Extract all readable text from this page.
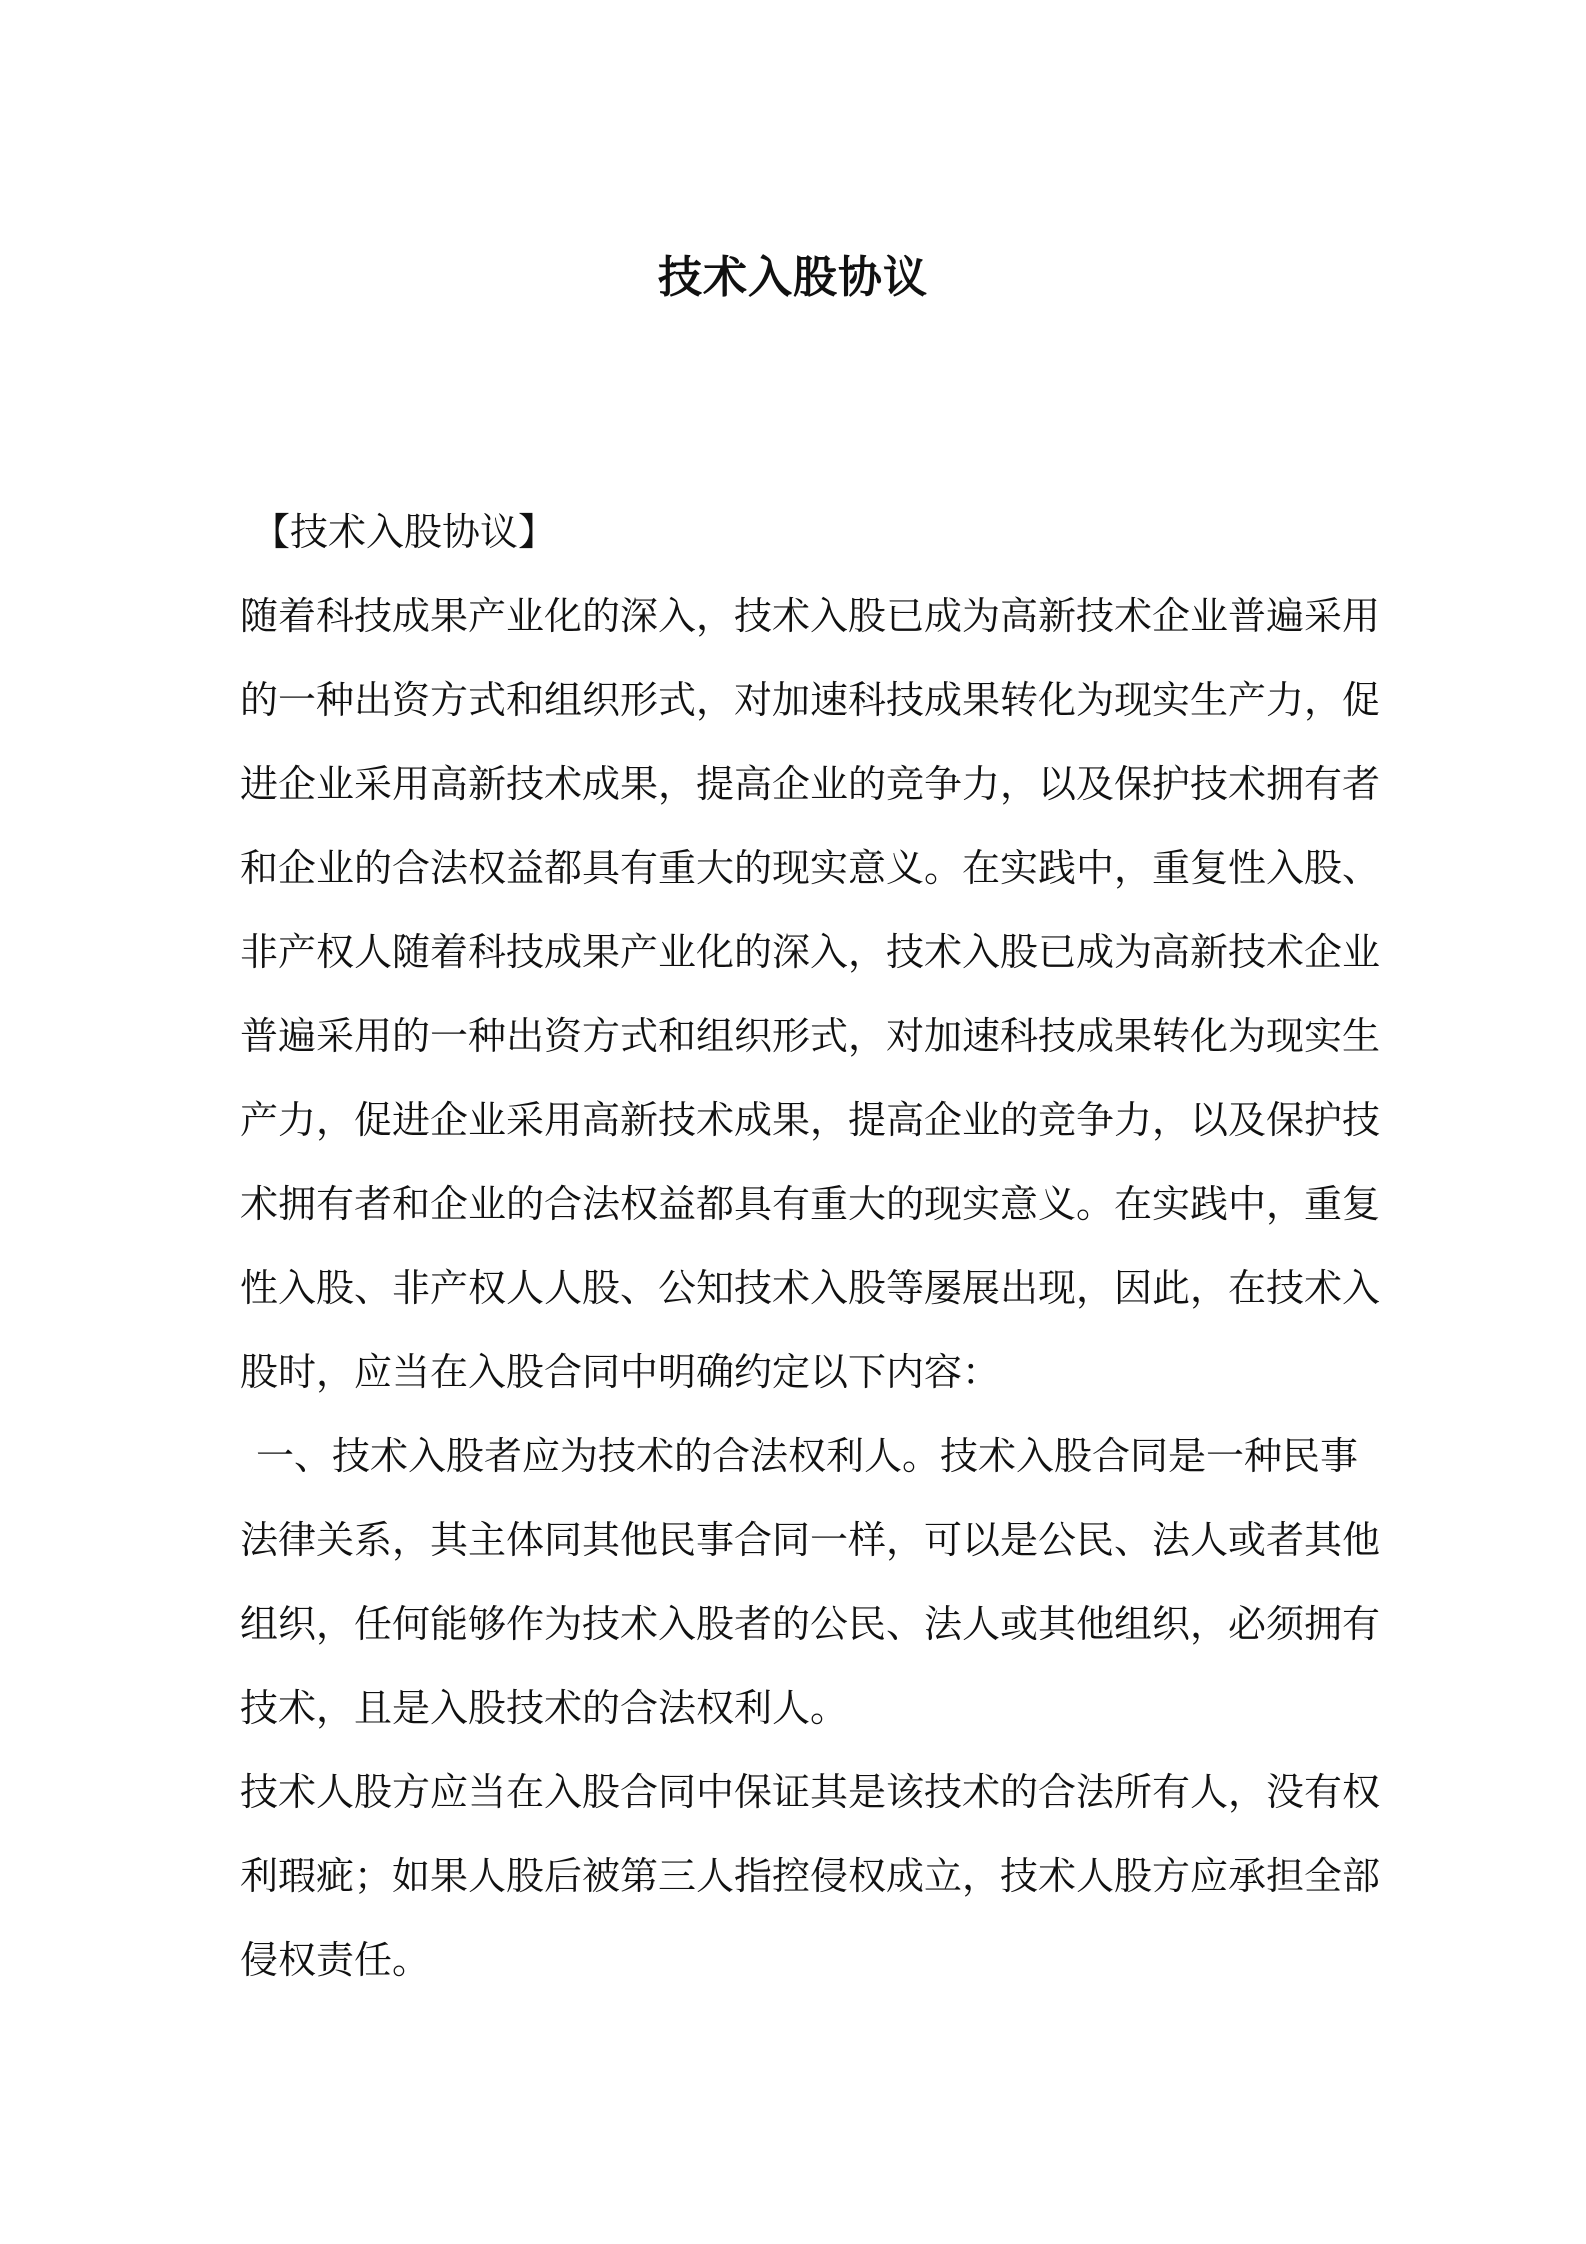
技术入股协议
【技术入股协议】
随着科技成果产业化的深入，技术入股已成为高新技术企业普遍采用
的一种出资方式和组织形式，对加速科技成果转化为现实生产力，促
进企业采用高新技术成果，提高企业的竞争力，以及保护技术拥有者
和企业的合法权益都具有重大的现实意义。在实践中，重复性入股、
非产权人随着科技成果产业化的深入，技术入股已成为高新技术企业
普遍采用的一种出资方式和组织形式，对加速科技成果转化为现实生
产力，促进企业采用高新技术成果，提高企业的竞争力，以及保护技
术拥有者和企业的合法权益都具有重大的现实意义。在实践中，重复
性入股、非产权人人股、公知技术入股等屡展出现，因此，在技术入
股时，应当在入股合同中明确约定以下内容：
一、技术入股者应为技术的合法权利人。技术入股合同是一种民事
法律关系，其主体同其他民事合同一样，可以是公民、法人或者其他
组织，任何能够作为技术入股者的公民、法人或其他组织，必须拥有
技术，且是入股技术的合法权利人。
技术人股方应当在入股合同中保证其是该技术的合法所有人，没有权
利瑕疵；如果人股后被第三人指控侵权成立，技术人股方应承担全部
侵权责任。
